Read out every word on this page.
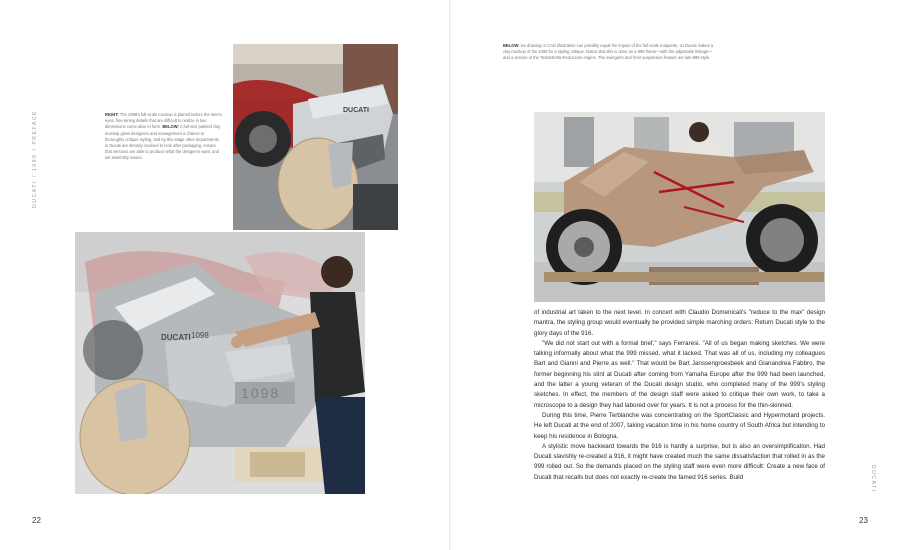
DUCATI / 1098 / PREFACE
DUCATI
DUCATI
RIGHT: The 1098's full-scale mockup is planed before the men's eyes, fine-tuning details that are difficult to realize in two dimensions come alive in form. BELOW: A full-size painted clay mockup gives designers and management a chance to thoroughly critique styling, and by this stage other departments in Ducati are already involved to look after packaging, ensure that versions are able to produce what the designers want, and set assembly issues.
1098
DUCATI 1098
BELOW: No drawing or CAD illustration can possibly equal the impact of the full-scale maquette, so Ducati makes a clay mockup of the 1098 for a styling critique. Notice that this is done on a 999 frame—with the adjustable linkage—and a version of the Testastretta Evoluzione engine. The swingarm and front suspension feature are late 999 style.

of industrial art taken to the next level. In concert with Claudio Domenicali's "reduce to the max" design mantra, the styling group would eventually be provided simple marching orders: Return Ducati style to the glory days of the 916.

"We did not start out with a formal brief," says Ferraresi. "All of us began making sketches. We were talking informally about what the 999 missed, what it lacked. That was all of us, including my colleagues Bart and Gianni and Pierre as well." That would be Bart Janssengroesbeek and Gianandrea Fabbro, the former beginning his stint at Ducati after coming from Yamaha Europe after the 999 had been launched, and the latter a young veteran of the Ducati design studio, who completed many of the 999's styling sketches. In effect, the members of the design staff were asked to critique their own work, to take a microscope to a design they had labored over for years. It is not a process for the thin-skinned.

During this time, Pierre Terblanche was concentrating on the SportClassic and Hypermotard projects. He left Ducati at the end of 2007, taking vacation time in his home country of South Africa but intending to keep his residence in Bologna.

A stylistic move backward towards the 916 is hardly a surprise, but is also an oversimplification. Had Ducati slavishly re-created a 916, it might have created much the same dissatisfaction that rolled in as the 999 rolled out. So the demands placed on the styling staff were even more difficult: Create a new face of Ducati that recalls but does not exactly re-create the famed 916 series. Build

22	23
